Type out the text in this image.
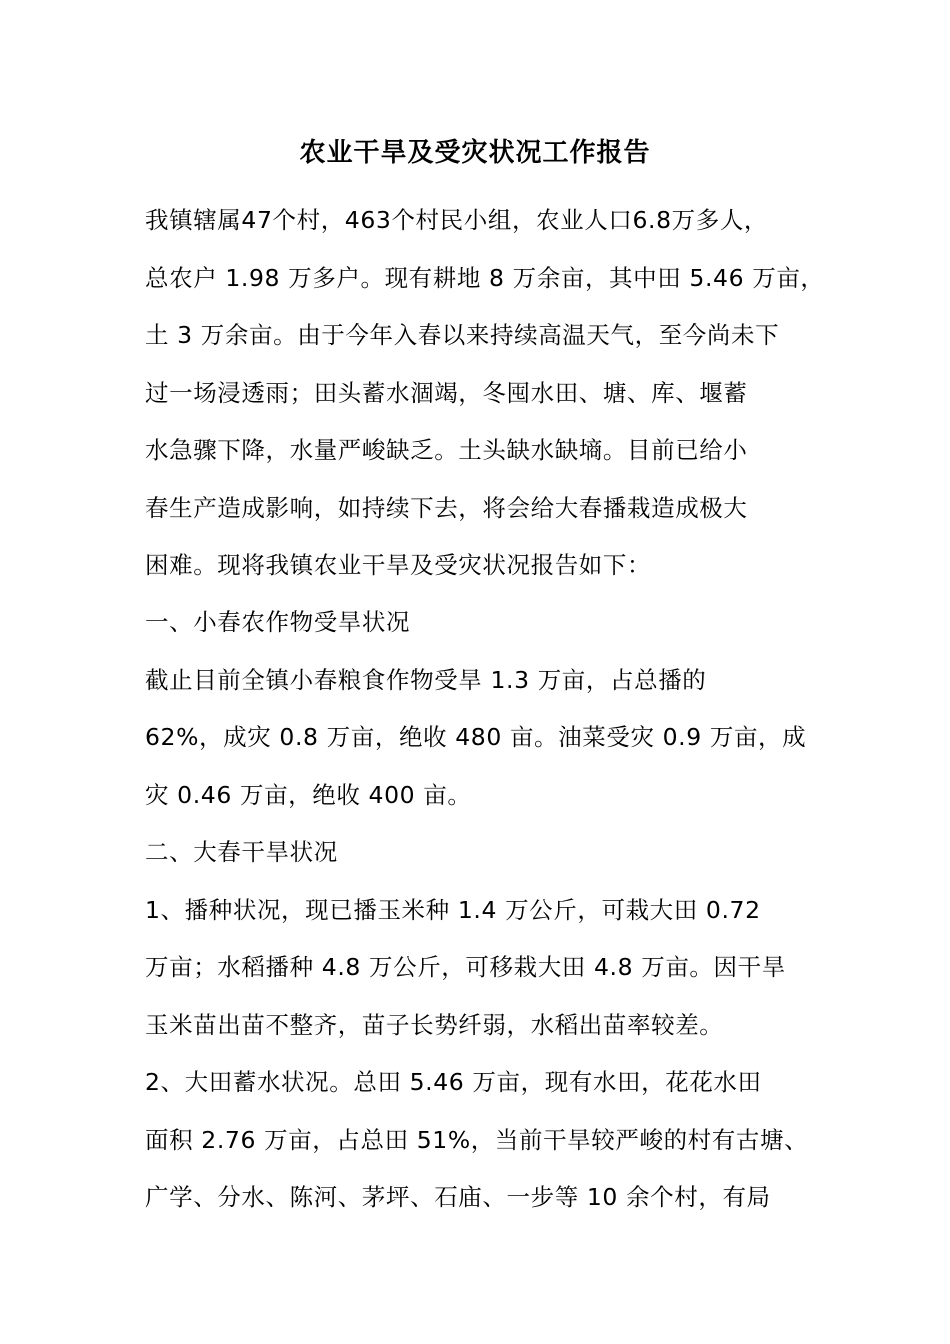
农业干旱及受灾状况工作报告
我镇辖属47个村，463个村民小组，农业人口6.8万多人，
总农户 1.98 万多户。现有耕地 8 万余亩，其中田 5.46 万亩，
土 3 万余亩。由于今年入春以来持续高温天气，至今尚未下
过一场浸透雨；田头蓄水涸竭，冬囤水田、塘、库、堰蓄
水急骤下降，水量严峻缺乏。土头缺水缺墒。目前已给小
春生产造成影响，如持续下去，将会给大春播栽造成极大
困难。现将我镇农业干旱及受灾状况报告如下：
一、小春农作物受旱状况
截止目前全镇小春粮食作物受旱 1.3 万亩，占总播的
62%，成灾 0.8 万亩，绝收 480 亩。油菜受灾 0.9 万亩，成
灾 0.46 万亩，绝收 400 亩。
二、大春干旱状况
1、播种状况，现已播玉米种 1.4 万公斤，可栽大田 0.72
万亩；水稻播种 4.8 万公斤，可移栽大田 4.8 万亩。因干旱
玉米苗出苗不整齐，苗子长势纤弱，水稻出苗率较差。
2、大田蓄水状况。总田 5.46 万亩，现有水田，花花水田
面积 2.76 万亩，占总田 51%，当前干旱较严峻的村有古塘、
广学、分水、陈河、茅坪、石庙、一步等 10 余个村，有局
